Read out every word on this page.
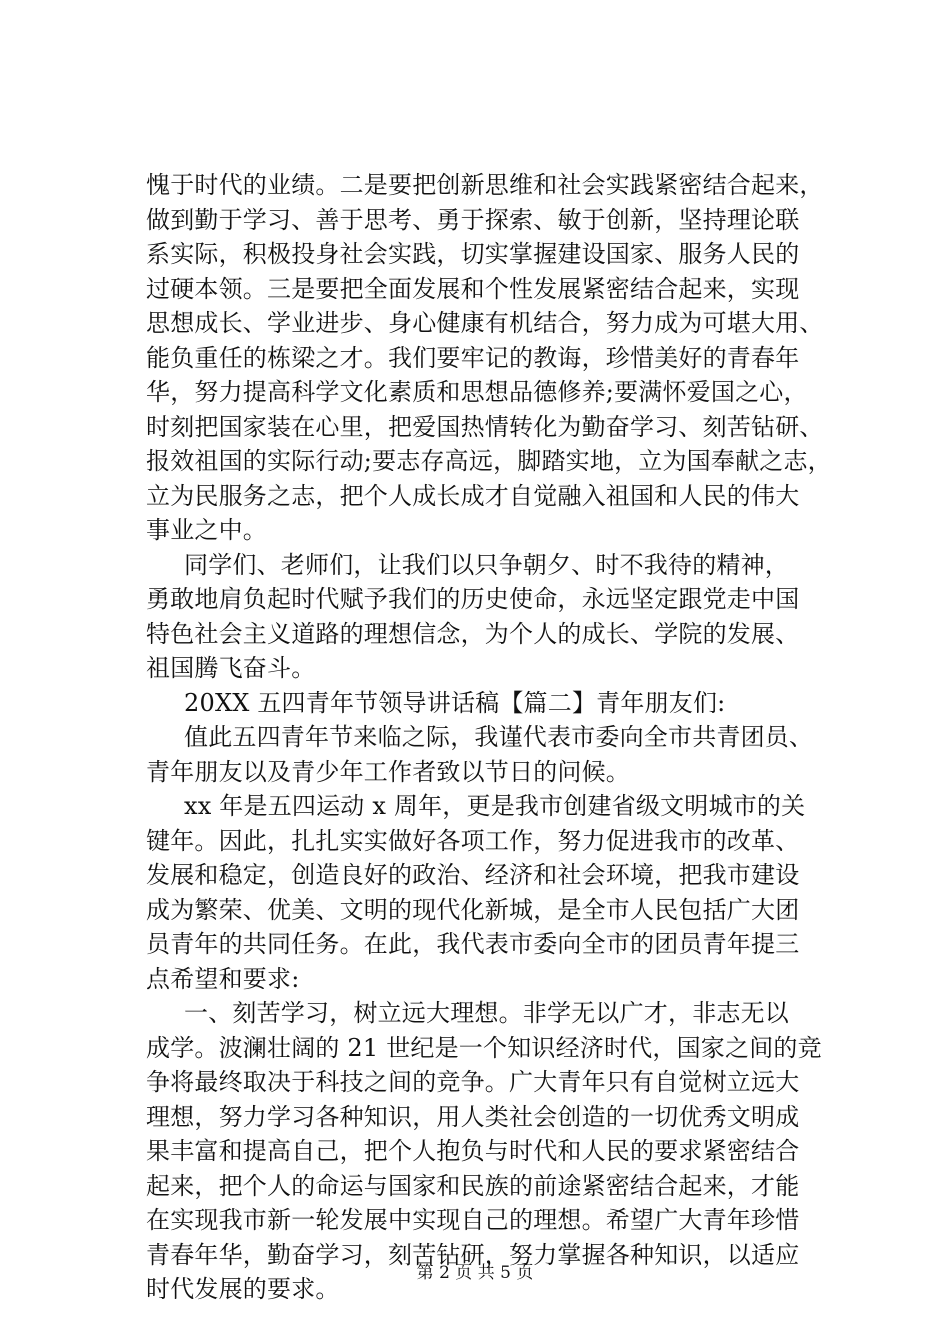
愧于时代的业绩。二是要把创新思维和社会实践紧密结合起来，
做到勤于学习、善于思考、勇于探索、敏于创新，坚持理论联
系实际，积极投身社会实践，切实掌握建设国家、服务人民的
过硬本领。三是要把全面发展和个性发展紧密结合起来，实现
思想成长、学业进步、身心健康有机结合，努力成为可堪大用、
能负重任的栋梁之才。我们要牢记的教诲，珍惜美好的青春年
华，努力提高科学文化素质和思想品德修养;要满怀爱国之心，
时刻把国家装在心里，把爱国热情转化为勤奋学习、刻苦钻研、
报效祖国的实际行动;要志存高远，脚踏实地，立为国奉献之志，
立为民服务之志，把个人成长成才自觉融入祖国和人民的伟大
事业之中。
同学们、老师们，让我们以只争朝夕、时不我待的精神，
勇敢地肩负起时代赋予我们的历史使命，永远坚定跟党走中国
特色社会主义道路的理想信念，为个人的成长、学院的发展、
祖国腾飞奋斗。
20XX 五四青年节领导讲话稿【篇二】青年朋友们:
值此五四青年节来临之际，我谨代表市委向全市共青团员、
青年朋友以及青少年工作者致以节日的问候。
xx 年是五四运动 x 周年，更是我市创建省级文明城市的关
键年。因此，扎扎实实做好各项工作，努力促进我市的改革、
发展和稳定，创造良好的政治、经济和社会环境，把我市建设
成为繁荣、优美、文明的现代化新城，是全市人民包括广大团
员青年的共同任务。在此，我代表市委向全市的团员青年提三
点希望和要求:
一、刻苦学习，树立远大理想。非学无以广才，非志无以
成学。波澜壮阔的 21 世纪是一个知识经济时代，国家之间的竞
争将最终取决于科技之间的竞争。广大青年只有自觉树立远大
理想，努力学习各种知识，用人类社会创造的一切优秀文明成
果丰富和提高自己，把个人抱负与时代和人民的要求紧密结合
起来，把个人的命运与国家和民族的前途紧密结合起来，才能
在实现我市新一轮发展中实现自己的理想。希望广大青年珍惜
青春年华，勤奋学习，刻苦钻研，努力掌握各种知识，以适应
时代发展的要求。
第 2 页 共 5 页
